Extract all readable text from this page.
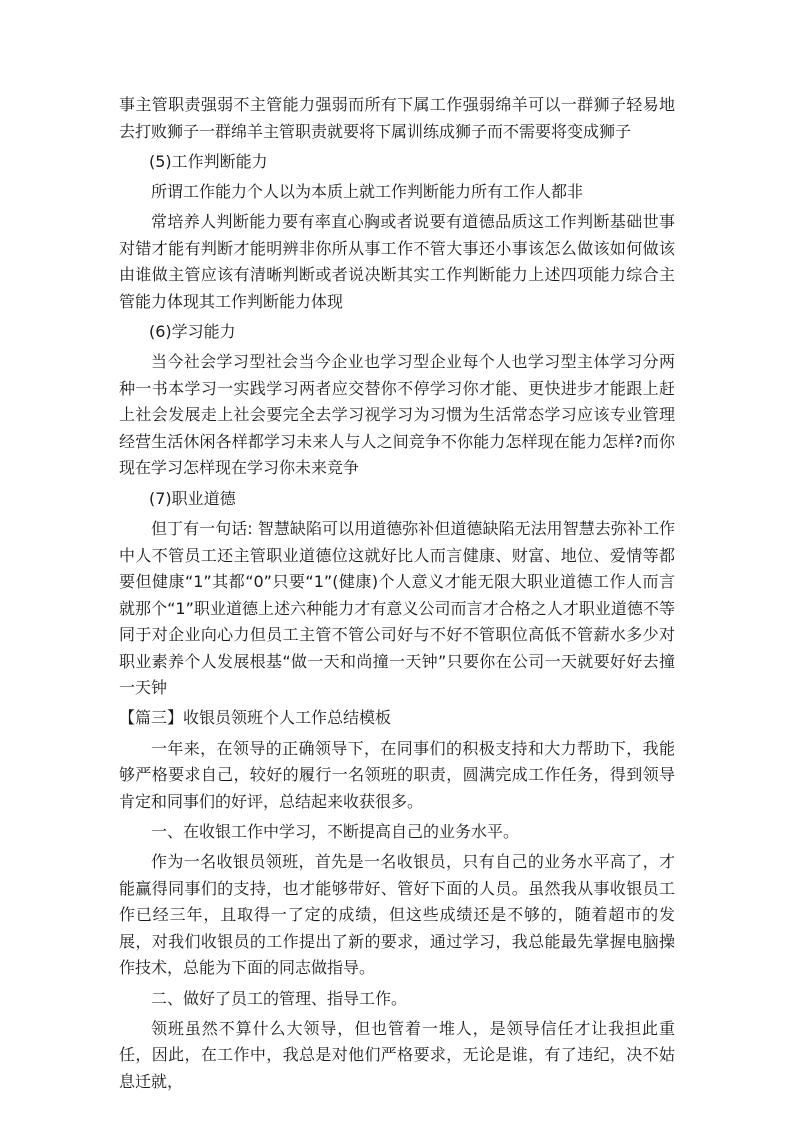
事主管职责强弱不主管能力强弱而所有下属工作强弱绵羊可以一群狮子轻易地去打败狮子一群绵羊主管职责就要将下属训练成狮子而不需要将变成狮子

(5)工作判断能力

所谓工作能力个人以为本质上就工作判断能力所有工作人都非

常培养人判断能力要有率直心胸或者说要有道德品质这工作判断基础世事对错才能有判断才能明辨非你所从事工作不管大事还小事该怎么做该如何做该由谁做主管应该有清晰判断或者说决断其实工作判断能力上述四项能力综合主管能力体现其工作判断能力体现

(6)学习能力

当今社会学习型社会当今企业也学习型企业每个人也学习型主体学习分两种一书本学习一实践学习两者应交替你不停学习你才能、更快进步才能跟上赶上社会发展走上社会要完全去学习视学习为习惯为生活常态学习应该专业管理经营生活休闲各样都学习未来人与人之间竞争不你能力怎样现在能力怎样?而你现在学习怎样现在学习你未来竞争

(7)职业道德

但丁有一句话: 智慧缺陷可以用道德弥补但道德缺陷无法用智慧去弥补工作中人不管员工还主管职业道德位这就好比人而言健康、财富、地位、爱情等都要但健康“1”其都“0”只要“1”(健康)个人意义才能无限大职业道德工作人而言就那个“1”职业道德上述六种能力才有意义公司而言才合格之人才职业道德不等同于对企业向心力但员工主管不管公司好与不好不管职位高低不管薪水多少对职业素养个人发展根基“做一天和尚撞一天钟”只要你在公司一天就要好好去撞一天钟

【篇三】收银员领班个人工作总结模板

一年来，在领导的正确领导下，在同事们的积极支持和大力帮助下，我能够严格要求自己，较好的履行一名领班的职责，圆满完成工作任务，得到领导肯定和同事们的好评，总结起来收获很多。

一、在收银工作中学习，不断提高自己的业务水平。

作为一名收银员领班，首先是一名收银员，只有自己的业务水平高了，才能赢得同事们的支持，也才能够带好、管好下面的人员。虽然我从事收银员工作已经三年，且取得一了定的成绩，但这些成绩还是不够的，随着超市的发展，对我们收银员的工作提出了新的要求，通过学习，我总能最先掌握电脑操作技术，总能为下面的同志做指导。

二、做好了员工的管理、指导工作。

领班虽然不算什么大领导，但也管着一堆人，是领导信任才让我担此重任，因此，在工作中，我总是对他们严格要求，无论是谁，有了违纪，决不姑息迁就，
